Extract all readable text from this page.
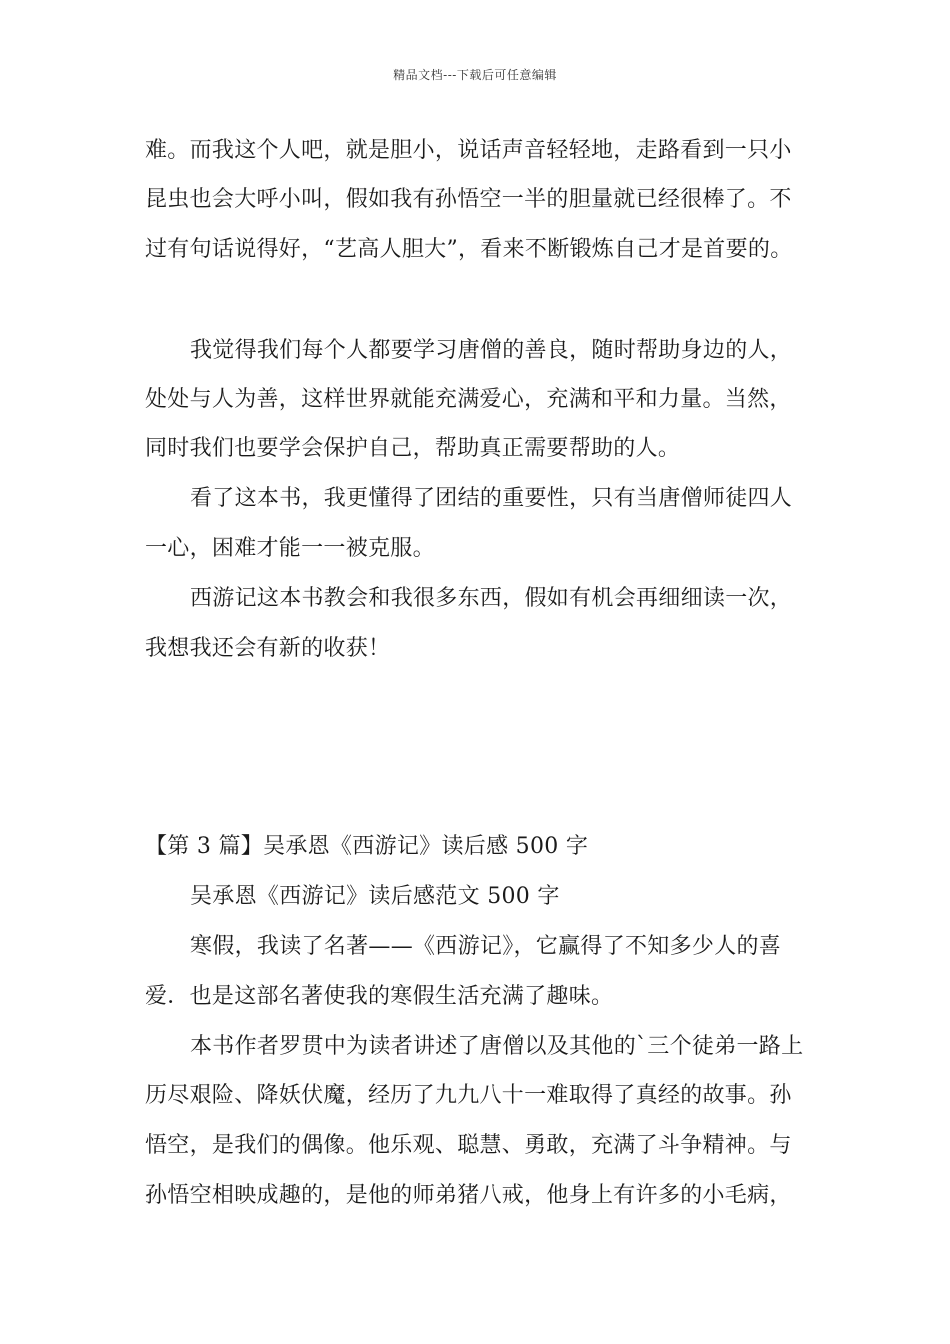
精品文档---下载后可任意编辑
难。而我这个人吧，就是胆小，说话声音轻轻地，走路看到一只小
昆虫也会大呼小叫，假如我有孙悟空一半的胆量就已经很棒了。不
过有句话说得好，“艺高人胆大”，看来不断锻炼自己才是首要的。
我觉得我们每个人都要学习唐僧的善良，随时帮助身边的人，
处处与人为善，这样世界就能充满爱心，充满和平和力量。当然，
同时我们也要学会保护自己，帮助真正需要帮助的人。
看了这本书，我更懂得了团结的重要性，只有当唐僧师徒四人
一心，困难才能一一被克服。
西游记这本书教会和我很多东西，假如有机会再细细读一次，
我想我还会有新的收获！
【第 3 篇】吴承恩《西游记》读后感 500 字
吴承恩《西游记》读后感范文 500 字
寒假，我读了名著——《西游记》，它赢得了不知多少人的喜
爱．也是这部名著使我的寒假生活充满了趣味。
本书作者罗贯中为读者讲述了唐僧以及其他的`三个徒弟一路上
历尽艰险、降妖伏魔，经历了九九八十一难取得了真经的故事。孙
悟空，是我们的偶像。他乐观、聪慧、勇敢，充满了斗争精神。与
孙悟空相映成趣的，是他的师弟猪八戒，他身上有许多的小毛病，
